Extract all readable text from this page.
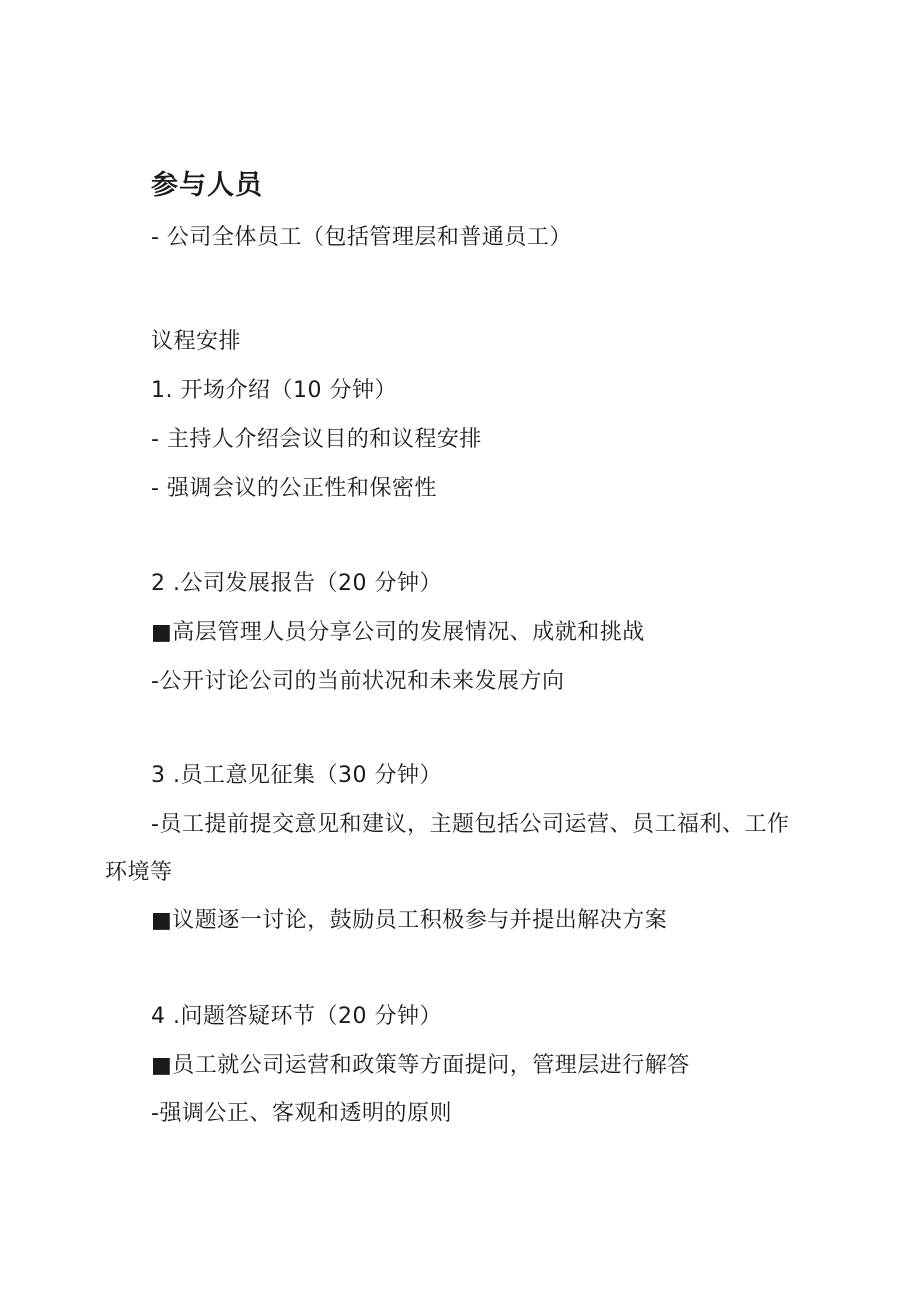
参与人员
- 公司全体员工（包括管理层和普通员工）
议程安排
1. 开场介绍（10 分钟）
- 主持人介绍会议目的和议程安排
- 强调会议的公正性和保密性
2 .公司发展报告（20 分钟）
■高层管理人员分享公司的发展情况、成就和挑战
-公开讨论公司的当前状况和未来发展方向
3 .员工意见征集（30 分钟）
-员工提前提交意见和建议，主题包括公司运营、员工福利、工作
环境等
■议题逐一讨论，鼓励员工积极参与并提出解决方案
4 .问题答疑环节（20 分钟）
■员工就公司运营和政策等方面提问，管理层进行解答
-强调公正、客观和透明的原则
